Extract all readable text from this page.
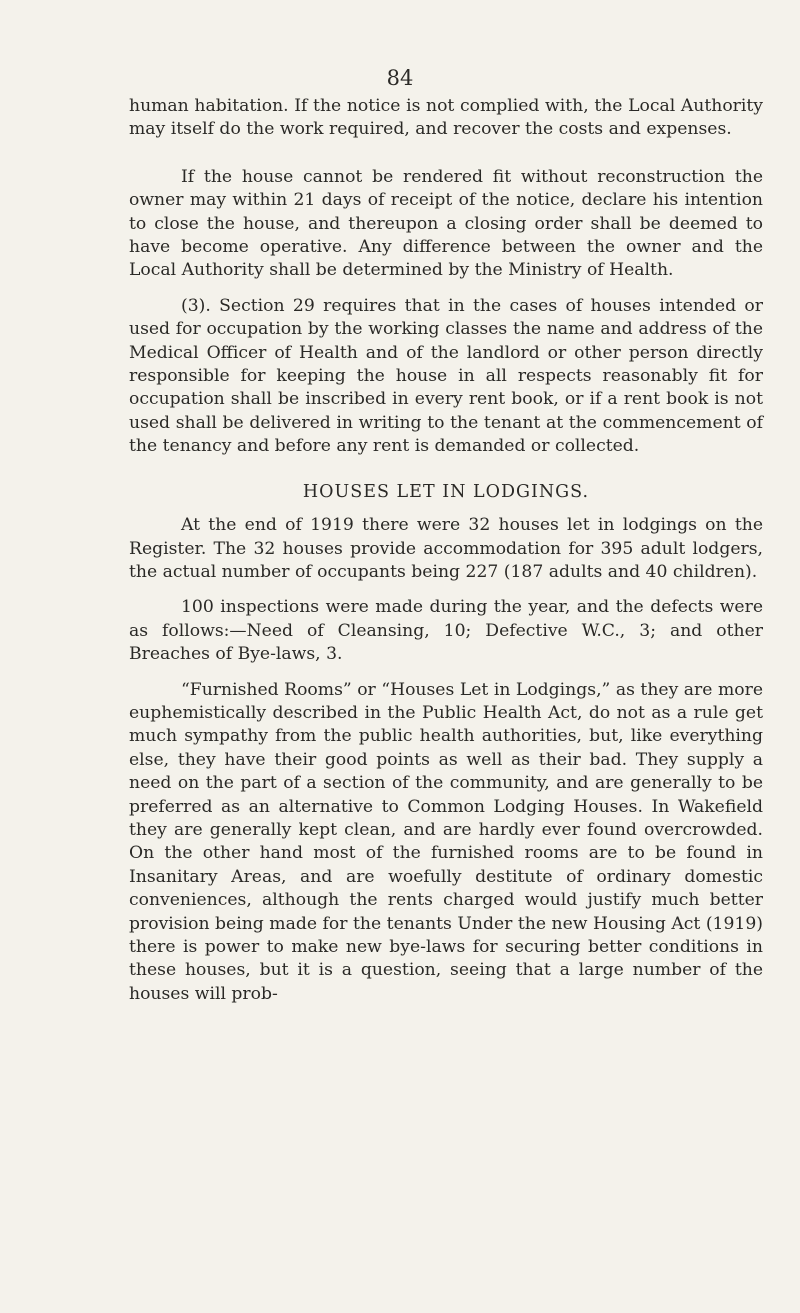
84

human habitation. If the notice is not complied with, the Local Authority may itself do the work required, and recover the costs and expenses.

If the house cannot be rendered fit without reconstruction the owner may within 21 days of receipt of the notice, declare his intention to close the house, and thereupon a closing order shall be deemed to have become operative. Any difference between the owner and the Local Authority shall be determined by the Ministry of Health.

(3). Section 29 requires that in the cases of houses intended or used for occupation by the working classes the name and address of the Medical Officer of Health and of the landlord or other person directly responsible for keeping the house in all respects reasonably fit for occupation shall be inscribed in every rent book, or if a rent book is not used shall be delivered in writing to the tenant at the commencement of the tenancy and before any rent is demanded or collected.

HOUSES LET IN LODGINGS.

At the end of 1919 there were 32 houses let in lodgings on the Register. The 32 houses provide accommodation for 395 adult lodgers, the actual number of occupants being 227 (187 adults and 40 children).

100 inspections were made during the year, and the defects were as follows:—Need of Cleansing, 10; Defective W.C., 3; and other Breaches of Bye-laws, 3.

“Furnished Rooms” or “Houses Let in Lodgings,” as they are more euphemistically described in the Public Health Act, do not as a rule get much sympathy from the public health authorities, but, like everything else, they have their good points as well as their bad. They supply a need on the part of a section of the community, and are generally to be preferred as an alternative to Common Lodging Houses. In Wakefield they are generally kept clean, and are hardly ever found overcrowded. On the other hand most of the furnished rooms are to be found in Insanitary Areas, and are woefully destitute of ordinary domestic conveniences, although the rents charged would justify much better provision being made for the tenants Under the new Housing Act (1919) there is power to make new bye-laws for securing better conditions in these houses, but it is a question, seeing that a large number of the houses will prob-
